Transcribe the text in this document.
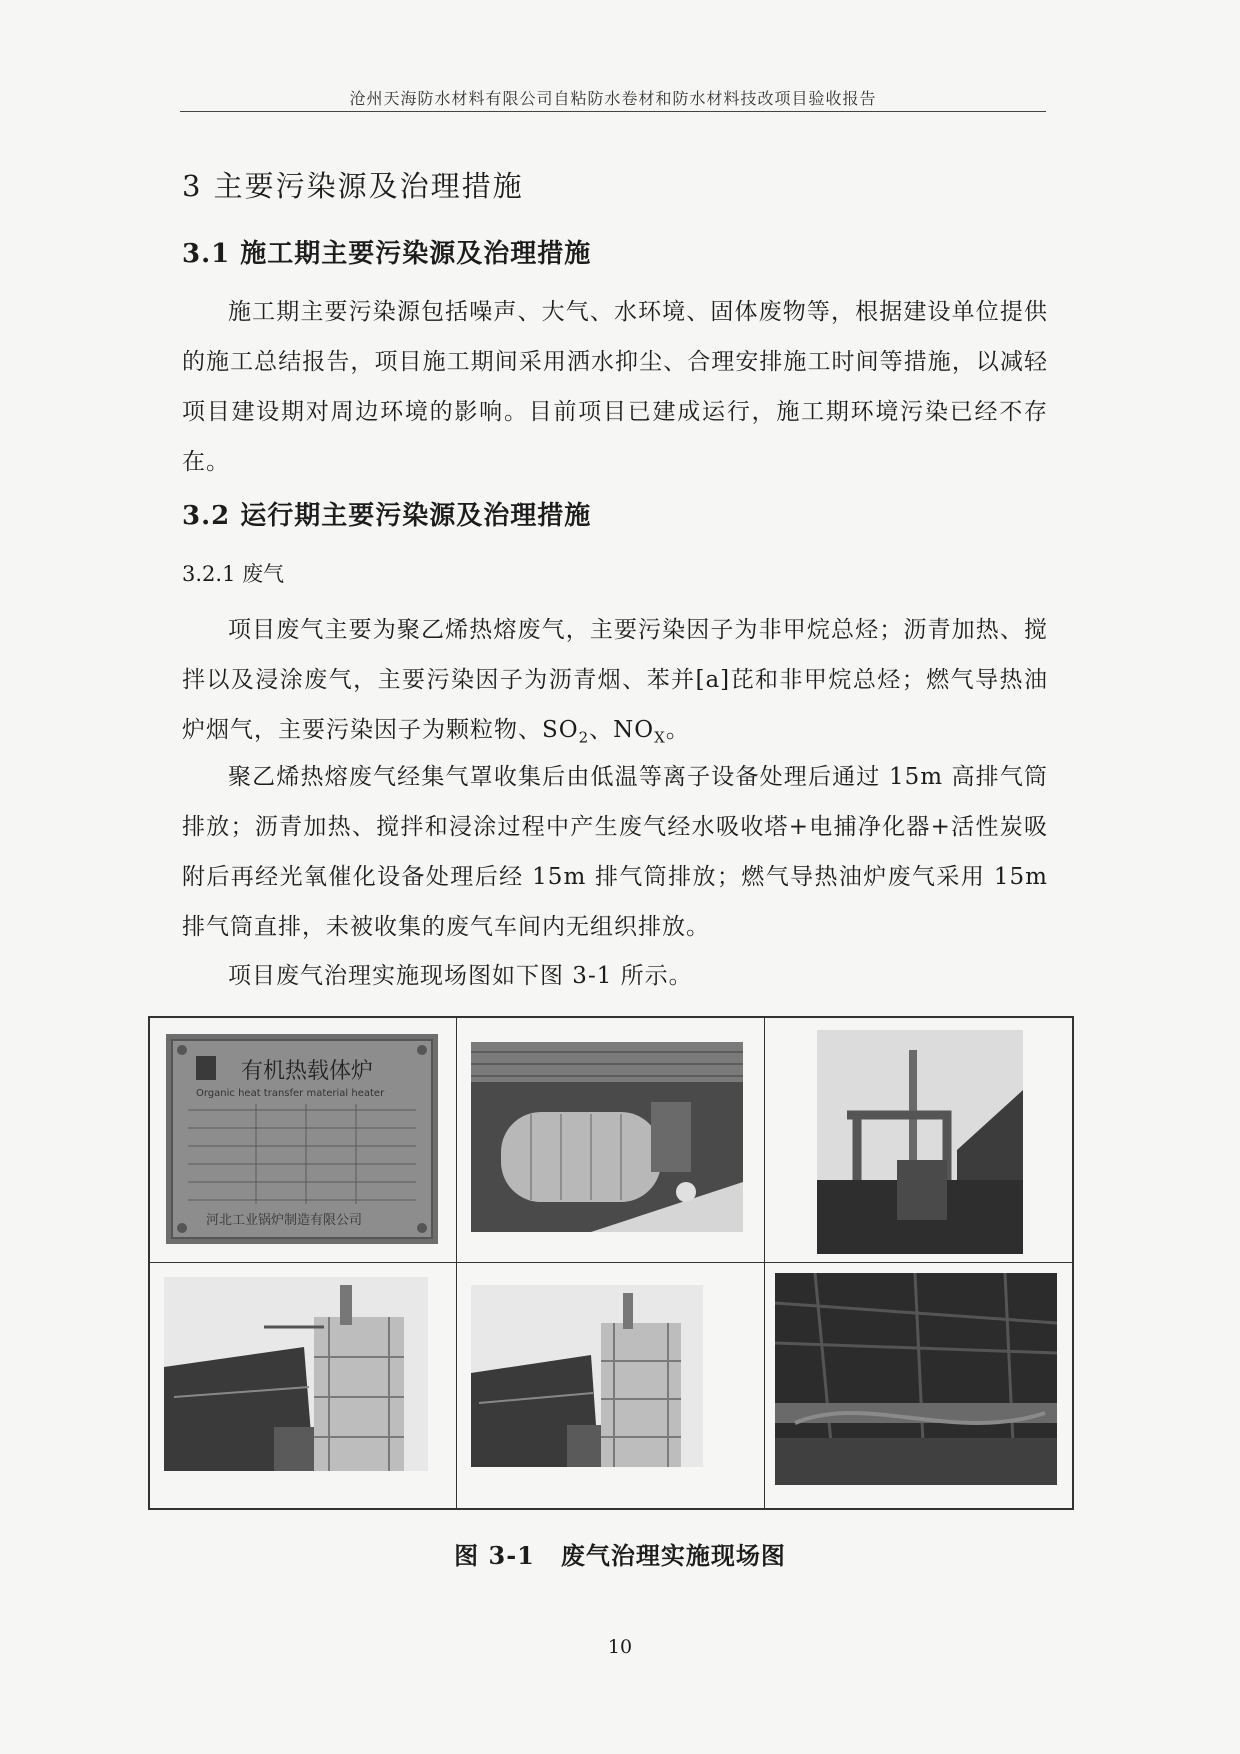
沧州天海防水材料有限公司自粘防水卷材和防水材料技改项目验收报告
3 主要污染源及治理措施
3.1 施工期主要污染源及治理措施
施工期主要污染源包括噪声、大气、水环境、固体废物等，根据建设单位提供的施工总结报告，项目施工期间采用洒水抑尘、合理安排施工时间等措施，以减轻项目建设期对周边环境的影响。目前项目已建成运行，施工期环境污染已经不存在。
3.2 运行期主要污染源及治理措施
3.2.1 废气
项目废气主要为聚乙烯热熔废气，主要污染因子为非甲烷总烃；沥青加热、搅拌以及浸涂废气，主要污染因子为沥青烟、苯并[a]芘和非甲烷总烃；燃气导热油炉烟气，主要污染因子为颗粒物、$SO_2$、$NO_X$。
聚乙烯热熔废气经集气罩收集后由低温等离子设备处理后通过 15m 高排气筒排放；沥青加热、搅拌和浸涂过程中产生废气经水吸收塔+电捕净化器+活性炭吸附后再经光氧催化设备处理后经 15m 排气筒排放；燃气导热油炉废气采用 15m 排气筒直排，未被收集的废气车间内无组织排放。
项目废气治理实施现场图如下图 3-1 所示。
有机热载体炉
Organic heat transfer material heater
河北工业锅炉制造有限公司
图 3-1 废气治理实施现场图
10
